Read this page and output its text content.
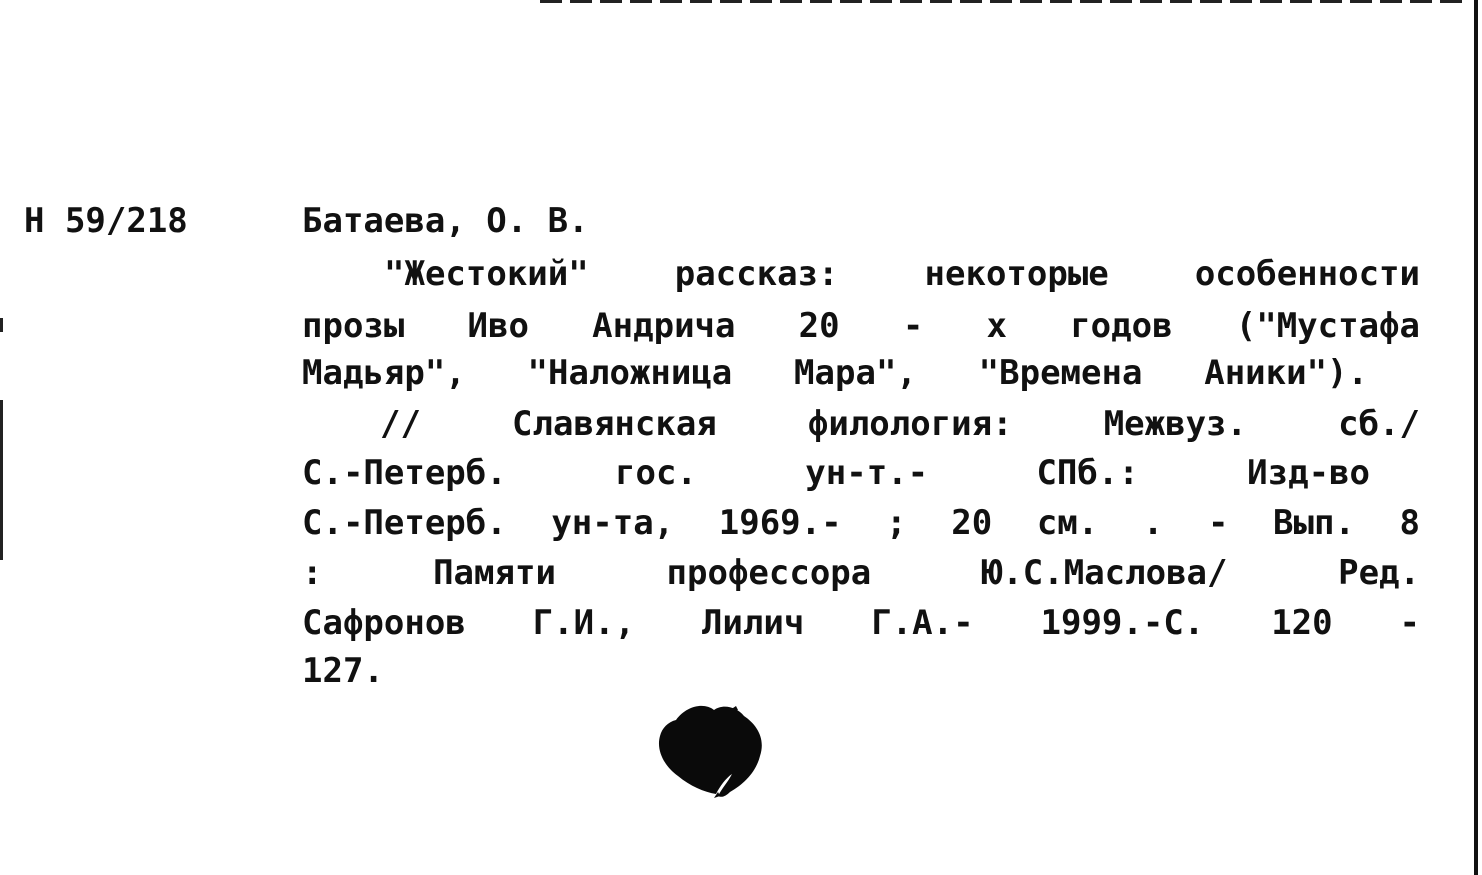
Н 59/218	Батаева, О. В.
"Жестокий" рассказ: некоторые особенности
прозы Иво Андрича 20 - х годов ("Мустафа
Мадьяр", "Наложница Мара", "Времена Аники").
// Славянская филология: Межвуз. сб./
С.-Петерб. гос. ун-т.- СПб.: Изд-во
С.-Петерб. ун-та, 1969.- ; 20 см. . - Вып. 8
: Памяти профессора Ю.С.Маслова/ Ред.
Сафронов Г.И., Лилич Г.А.- 1999.-С. 120 -
127.
